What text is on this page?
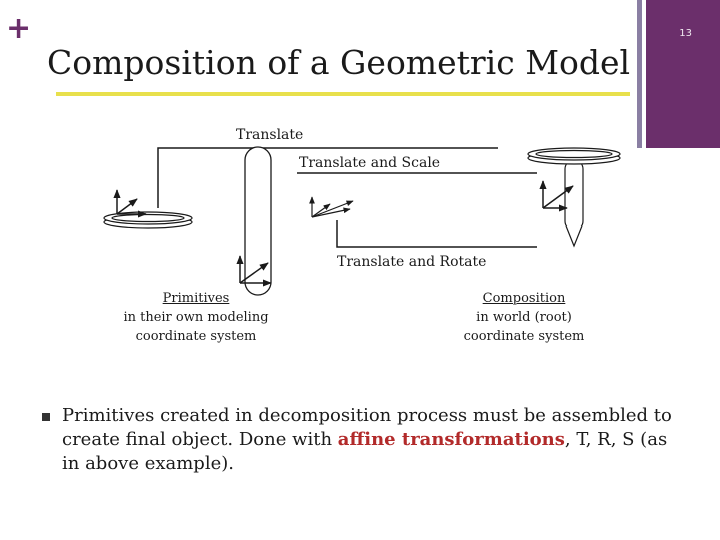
+
Composition of a Geometric Model
13
Translate
Translate and Scale
Translate and Rotate
Primitives
in their own modeling
coordinate system
Composition
in world (root)
coordinate system
Primitives created in decomposition process must be assembled to create final object. Done with affine transformations, T, R, S (as in above example).
